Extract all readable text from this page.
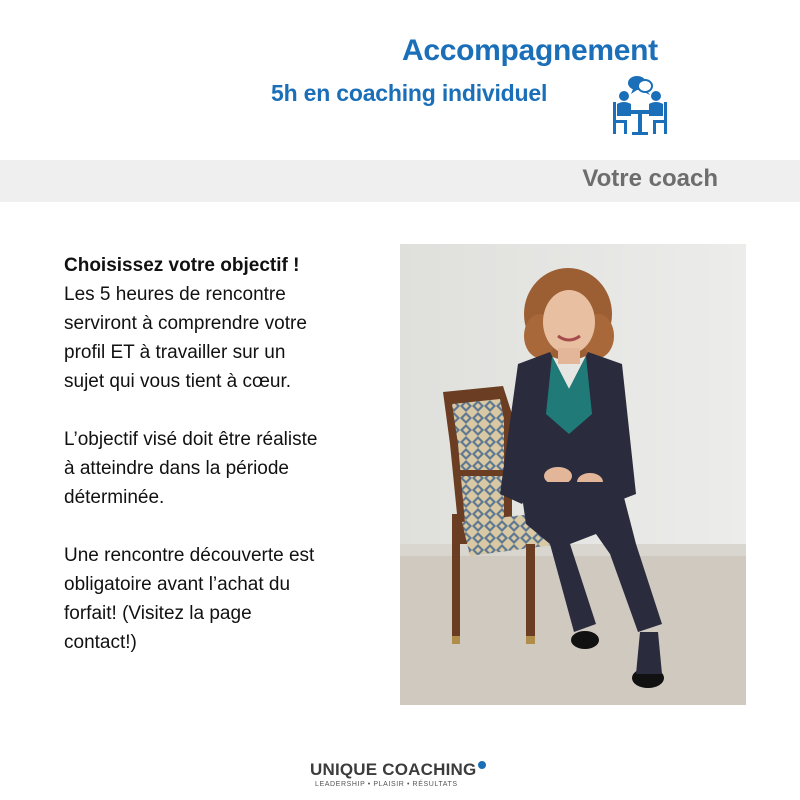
Accompagnement
5h en coaching individuel
Votre coach

Choisissez votre objectif !

Les 5 heures de rencontre

serviront à comprendre votre

profil ET à travailler sur un

sujet qui vous tient à cœur.

L’objectif visé doit être réaliste

à atteindre dans la période

déterminée.

Une rencontre découverte est

obligatoire avant l’achat du

forfait! (Visitez la page

contact!)

UNIQUE COACHING
LEADERSHIP • PLAISIR • RÉSULTATS
